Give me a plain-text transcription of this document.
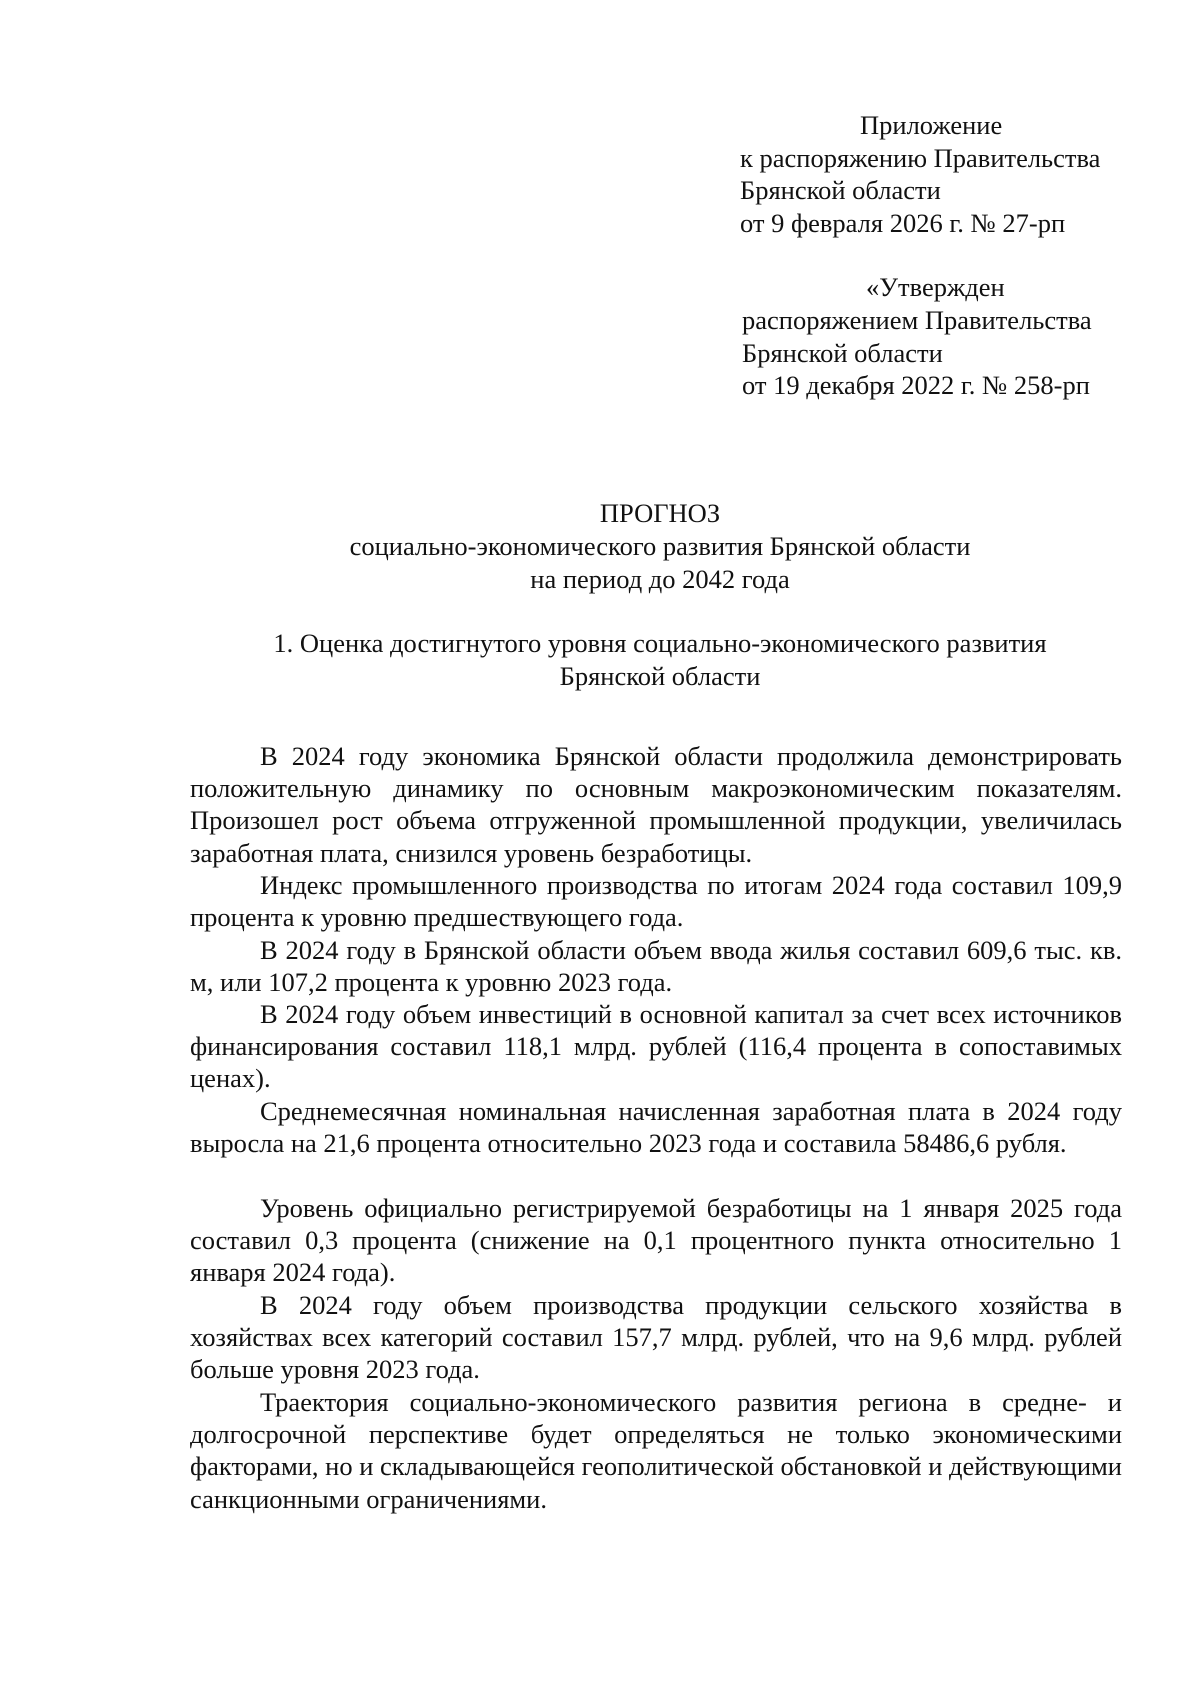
Приложение
к распоряжению Правительства
Брянской области
от 9 февраля 2026 г. № 27-рп
«Утвержден
распоряжением Правительства
Брянской области
от 19 декабря 2022 г. № 258-рп
ПРОГНОЗ
социально-экономического развития Брянской области
на период до 2042 года
1. Оценка достигнутого уровня социально-экономического развития
Брянской области
В 2024 году экономика Брянской области продолжила демонстрировать положительную динамику по основным макроэкономическим показателям. Произошел рост объема отгруженной промышленной продукции, увеличилась заработная плата, снизился уровень безработицы.
Индекс промышленного производства по итогам 2024 года составил 109,9 процента к уровню предшествующего года.
В 2024 году в Брянской области объем ввода жилья составил 609,6 тыс. кв. м, или 107,2 процента к уровню 2023 года.
В 2024 году объем инвестиций в основной капитал за счет всех источников финансирования составил 118,1 млрд. рублей (116,4 процента в сопоставимых ценах).
Среднемесячная номинальная начисленная заработная плата в 2024 году выросла на 21,6 процента относительно 2023 года и составила 58486,6 рубля.
Уровень официально регистрируемой безработицы на 1 января 2025 года составил 0,3 процента (снижение на 0,1 процентного пункта относительно 1 января 2024 года).
В 2024 году объем производства продукции сельского хозяйства в хозяйствах всех категорий составил 157,7 млрд. рублей, что на 9,6 млрд. рублей больше уровня 2023 года.
Траектория социально-экономического развития региона в средне- и долгосрочной перспективе будет определяться не только экономическими факторами, но и складывающейся геополитической обстановкой и действующими санкционными ограничениями.
